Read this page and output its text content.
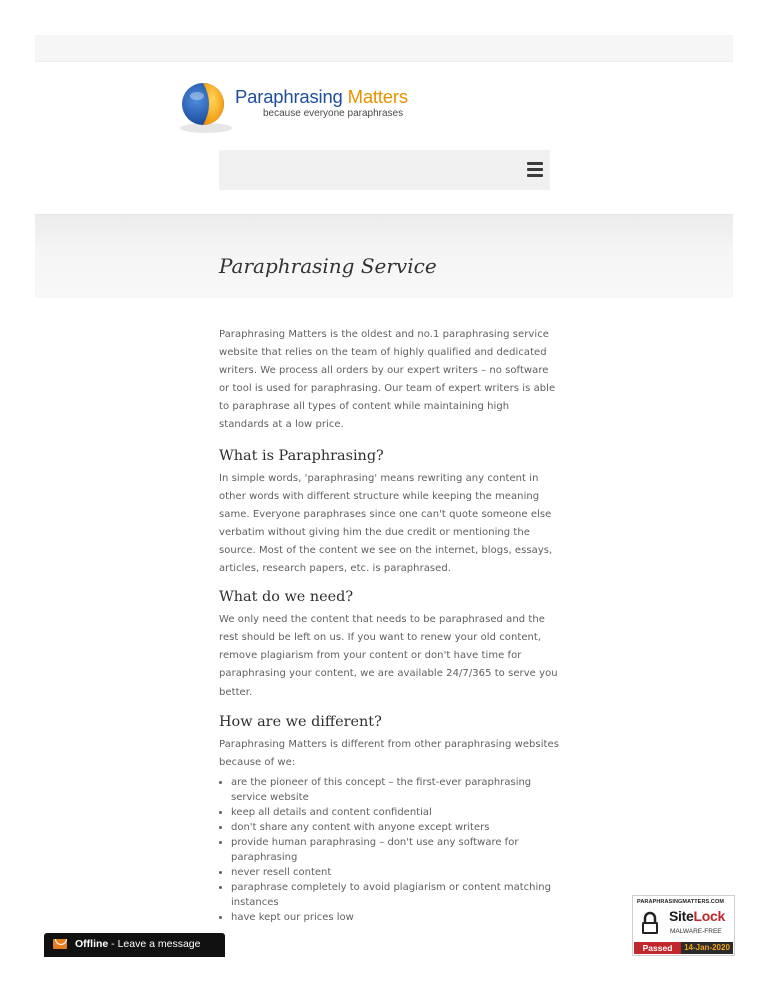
Paraphrasing Matters
because everyone paraphrases
Paraphrasing Service

Paraphrasing Matters is the oldest and no.1 paraphrasing service website that relies on the team of highly qualified and dedicated writers. We process all orders by our expert writers – no software or tool is used for paraphrasing. Our team of expert writers is able to paraphrase all types of content while maintaining high standards at a low price.

What is Paraphrasing?

In simple words, 'paraphrasing' means rewriting any content in other words with different structure while keeping the meaning same. Everyone paraphrases since one can't quote someone else verbatim without giving him the due credit or mentioning the source. Most of the content we see on the internet, blogs, essays, articles, research papers, etc. is paraphrased.

What do we need?

We only need the content that needs to be paraphrased and the rest should be left on us. If you want to renew your old content, remove plagiarism from your content or don't have time for paraphrasing your content, we are available 24/7/365 to serve you better.

How are we different?

Paraphrasing Matters is different from other paraphrasing websites because of we:

• are the pioneer of this concept – the first-ever paraphrasing service website
• keep all details and content confidential
• don't share any content with anyone except writers
• provide human paraphrasing – don't use any software for paraphrasing
• never resell content
• paraphrase completely to avoid plagiarism or content matching instances
• have kept our prices low
Offline - Leave a message
PARAPHRASINGMATTERS.COM
SiteLock
MALWARE-FREE
Passed	14-Jan-2020
